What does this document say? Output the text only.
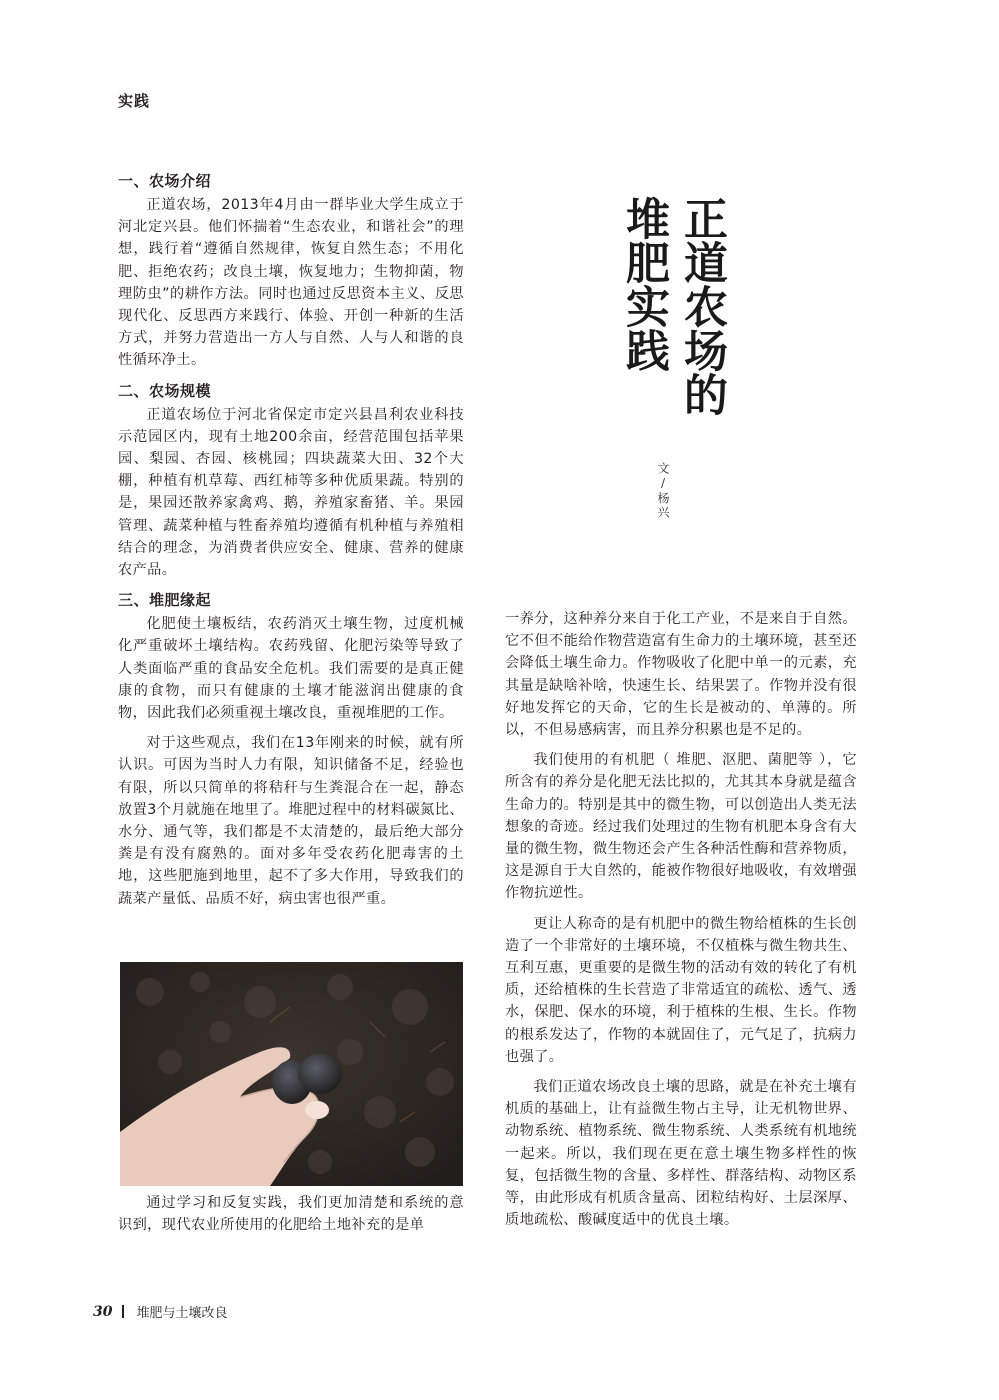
实践
一、农场介绍

正道农场，2013年4月由一群毕业大学生成立于河北定兴县。他们怀揣着“生态农业，和谐社会”的理想，践行着“遵循自然规律，恢复自然生态；不用化肥、拒绝农药；改良土壤，恢复地力；生物抑菌，物理防虫”的耕作方法。同时也通过反思资本主义、反思现代化、反思西方来践行、体验、开创一种新的生活方式，并努力营造出一方人与自然、人与人和谐的良性循环净土。

二、农场规模

正道农场位于河北省保定市定兴县昌利农业科技示范园区内，现有土地200余亩，经营范围包括苹果园、梨园、杏园、核桃园；四块蔬菜大田、32个大棚，种植有机草莓、西红柿等多种优质果蔬。特别的是，果园还散养家禽鸡、鹅，养殖家畜猪、羊。果园管理、蔬菜种植与牲畜养殖均遵循有机种植与养殖相结合的理念，为消费者供应安全、健康、营养的健康农产品。

三、堆肥缘起

化肥使土壤板结，农药消灭土壤生物，过度机械化严重破坏土壤结构。农药残留、化肥污染等导致了人类面临严重的食品安全危机。我们需要的是真正健康的食物，而只有健康的土壤才能滋润出健康的食物，因此我们必须重视土壤改良，重视堆肥的工作。

对于这些观点，我们在13年刚来的时候，就有所认识。可因为当时人力有限，知识储备不足，经验也有限，所以只简单的将秸秆与生粪混合在一起，静态放置3个月就施在地里了。堆肥过程中的材料碳氮比、水分、通气等，我们都是不太清楚的，最后绝大部分粪是有没有腐熟的。面对多年受农药化肥毒害的土地，这些肥施到地里，起不了多大作用，导致我们的蔬菜产量低、品质不好，病虫害也很严重。

通过学习和反复实践，我们更加清楚和系统的意识到，现代农业所使用的化肥给土地补充的是单

正道农场的
堆肥实践
文/杨兴

一养分，这种养分来自于化工产业，不是来自于自然。它不但不能给作物营造富有生命力的土壤环境，甚至还会降低土壤生命力。作物吸收了化肥中单一的元素，充其量是缺啥补啥，快速生长、结果罢了。作物并没有很好地发挥它的天命，它的生长是被动的、单薄的。所以，不但易感病害，而且养分积累也是不足的。

我们使用的有机肥（ 堆肥、沤肥、菌肥等 ），它所含有的养分是化肥无法比拟的，尤其其本身就是蕴含生命力的。特别是其中的微生物，可以创造出人类无法想象的奇迹。经过我们处理过的生物有机肥本身含有大量的微生物，微生物还会产生各种活性酶和营养物质，这是源自于大自然的，能被作物很好地吸收，有效增强作物抗逆性。

更让人称奇的是有机肥中的微生物给植株的生长创造了一个非常好的土壤环境，不仅植株与微生物共生、互利互惠，更重要的是微生物的活动有效的转化了有机质，还给植株的生长营造了非常适宜的疏松、透气、透水，保肥、保水的环境，利于植株的生根、生长。作物的根系发达了，作物的本就固住了，元气足了，抗病力也强了。

我们正道农场改良土壤的思路，就是在补充土壤有机质的基础上，让有益微生物占主导，让无机物世界、动物系统、植物系统、微生物系统、人类系统有机地统一起来。所以，我们现在更在意土壤生物多样性的恢复，包括微生物的含量、多样性、群落结构、动物区系等，由此形成有机质含量高、团粒结构好、土层深厚、质地疏松、酸碱度适中的优良土壤。

30 堆肥与土壤改良
